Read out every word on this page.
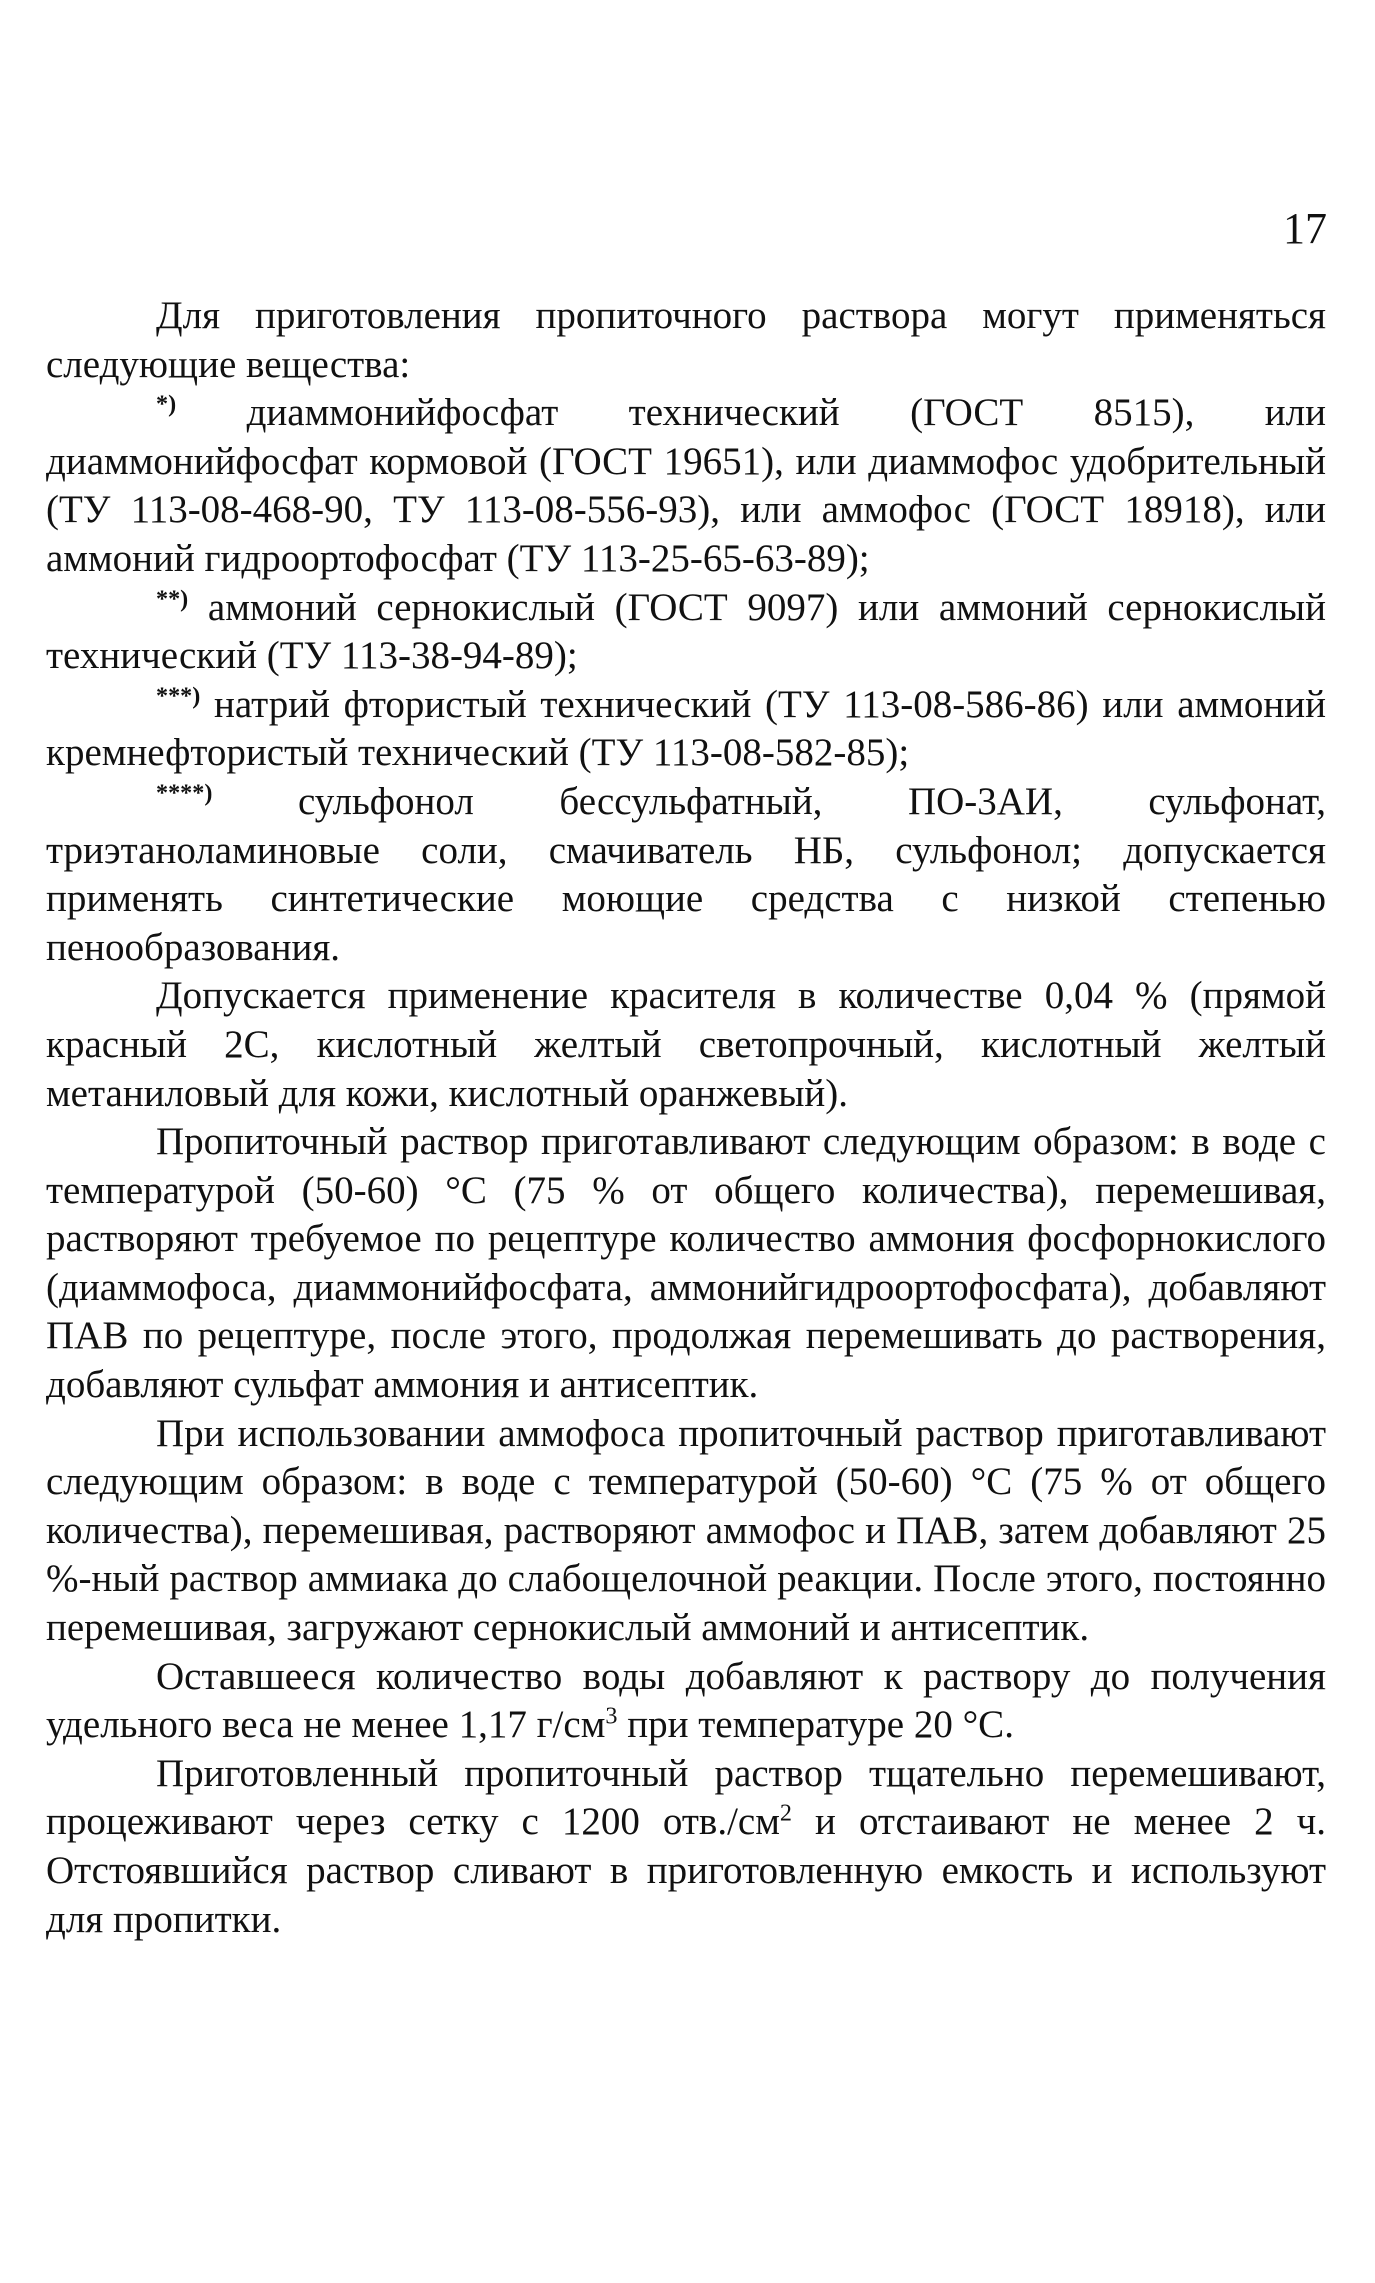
17

Для приготовления пропиточного раствора могут применяться следующие вещества:

*) диаммонийфосфат технический (ГОСТ 8515), или диаммонийфосфат кормовой (ГОСТ 19651), или диаммофос удобрительный (ТУ 113-08-468-90, ТУ 113-08-556-93), или аммофос (ГОСТ 18918), или аммоний гидроортофосфат (ТУ 113-25-65-63-89);

**) аммоний сернокислый (ГОСТ 9097) или аммоний сернокислый технический (ТУ 113-38-94-89);

***) натрий фтористый технический (ТУ 113-08-586-86) или аммоний кремнефтористый технический (ТУ 113-08-582-85);

****) сульфонол бессульфатный, ПО-3АИ, сульфонат, триэтаноламиновые соли, смачиватель НБ, сульфонол; допускается применять синтетические моющие средства с низкой степенью пенообразования.

Допускается применение красителя в количестве 0,04 % (прямой красный 2С, кислотный желтый светопрочный, кислотный желтый метаниловый для кожи, кислотный оранжевый).

Пропиточный раствор приготавливают следующим образом: в воде с температурой (50-60) °С (75 % от общего количества), перемешивая, растворяют требуемое по рецептуре количество аммония фосфорнокислого (диаммофоса, диаммонийфосфата, аммонийгидроортофосфата), добавляют ПАВ по рецептуре, после этого, продолжая перемешивать до растворения, добавляют сульфат аммония и антисептик.

При использовании аммофоса пропиточный раствор приготавливают следующим образом: в воде с температурой (50-60) °С (75 % от общего количества), перемешивая, растворяют аммофос и ПАВ, затем добавляют 25 %-ный раствор аммиака до слабощелочной реакции. После этого, постоянно перемешивая, загружают сернокислый аммоний и антисептик.

Оставшееся количество воды добавляют к раствору до получения удельного веса не менее 1,17 $г/см^3$ при температуре 20 °С.

Приготовленный пропиточный раствор тщательно перемешивают, процеживают через сетку с 1200 $отв./см^2$ и отстаивают не менее 2 ч. Отстоявшийся раствор сливают в приготовленную емкость и используют для пропитки.
